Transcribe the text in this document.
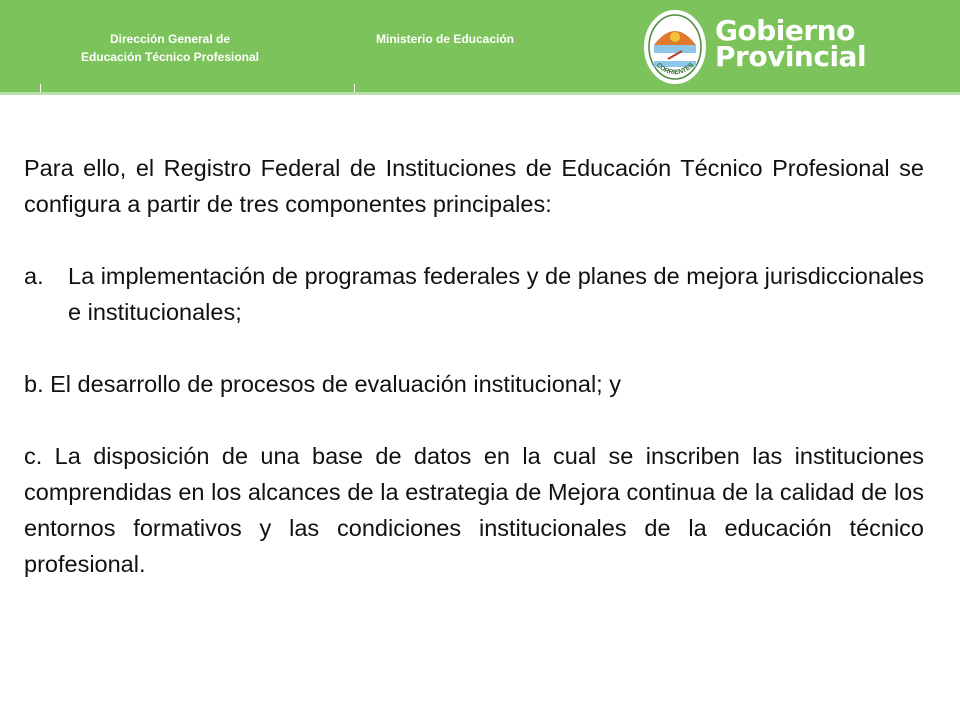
Dirección General de
Educación Técnico Profesional
Ministerio de Educación
CORRIENTES
Gobierno
Provincial

Para ello, el Registro Federal de Instituciones de Educación Técnico Profesional se configura a partir de tres componentes principales:

a.	La implementación de programas federales y de planes de mejora jurisdiccionales e institucionales;

b. El desarrollo de procesos de evaluación institucional; y

c. La disposición de una base de datos en la cual se inscriben las instituciones comprendidas en los alcances de la estrategia de Mejora continua de la calidad de los entornos formativos y las condiciones institucionales de la educación técnico profesional.
